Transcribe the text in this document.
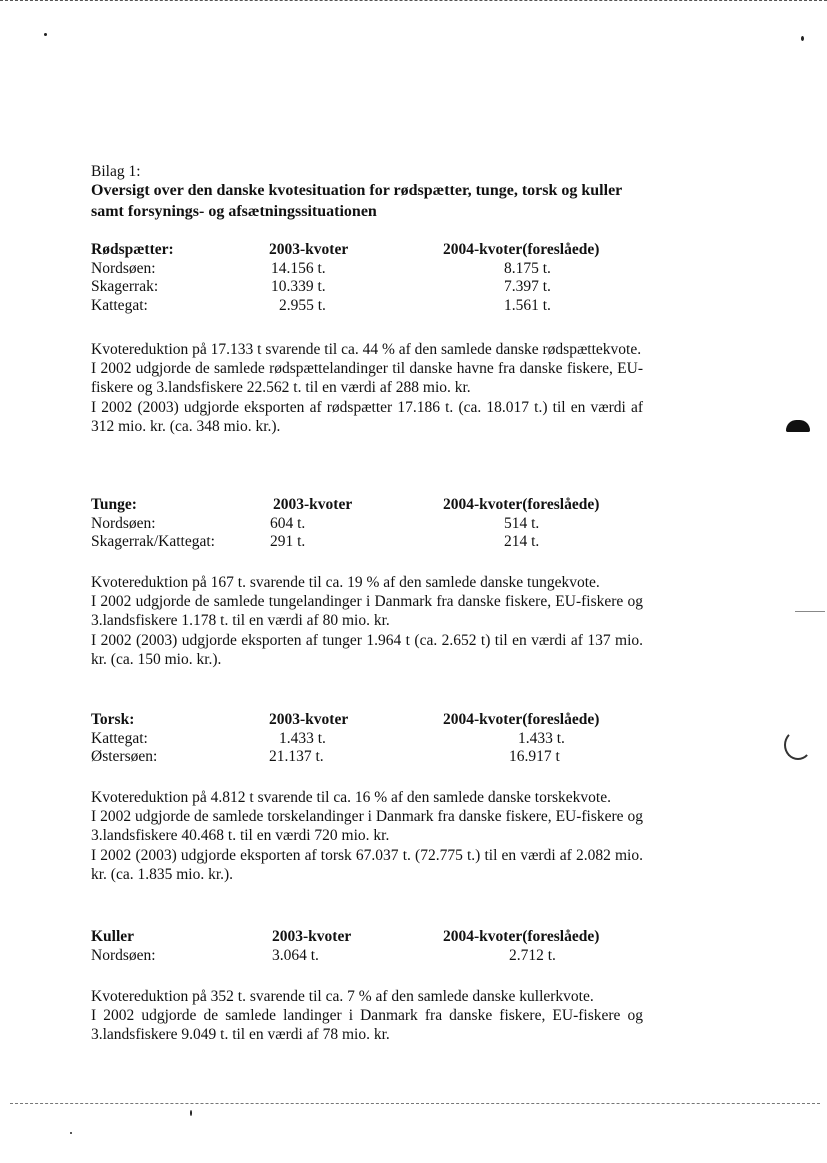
Bilag 1:
Oversigt over den danske kvotesituation for rødspætter, tunge, torsk og kuller samt forsynings- og afsætningssituationen
Rødspætter:	2003-kvoter	2004-kvoter(foreslåede)
Nordsøen:	14.156 t.	8.175 t.
Skagerrak:	10.339 t.	7.397 t.
Kattegat:	2.955 t.	1.561 t.

Kvotereduktion på 17.133 t svarende til ca. 44 % af den samlede danske rødspættekvote.

I 2002 udgjorde de samlede rødspættelandinger til danske havne fra danske fiskere, EU-fiskere og 3.landsfiskere 22.562 t. til en værdi af 288 mio. kr.

I 2002 (2003) udgjorde eksporten af rødspætter 17.186 t. (ca. 18.017 t.) til en værdi af 312 mio. kr. (ca. 348 mio. kr.).

Tunge:	2003-kvoter	2004-kvoter(foreslåede)
Nordsøen:	604 t.	514 t.
Skagerrak/Kattegat:	291 t.	214 t.

Kvotereduktion på 167 t. svarende til ca. 19 % af den samlede danske tungekvote.

I 2002 udgjorde de samlede tungelandinger i Danmark fra danske fiskere, EU-fiskere og 3.landsfiskere 1.178 t. til en værdi af 80 mio. kr.

I 2002 (2003) udgjorde eksporten af tunger 1.964 t (ca. 2.652 t) til en værdi af 137 mio. kr. (ca. 150 mio. kr.).

Torsk:	2003-kvoter	2004-kvoter(foreslåede)
Kattegat:	1.433 t.	1.433 t.
Østersøen:	21.137 t.	16.917 t

Kvotereduktion på 4.812 t svarende til ca. 16 % af den samlede danske torskekvote.

I 2002 udgjorde de samlede torskelandinger i Danmark fra danske fiskere, EU-fiskere og 3.landsfiskere 40.468 t. til en værdi 720 mio. kr.

I 2002 (2003) udgjorde eksporten af torsk 67.037 t. (72.775 t.) til en værdi af 2.082 mio. kr. (ca. 1.835 mio. kr.).

Kuller	2003-kvoter	2004-kvoter(foreslåede)
Nordsøen:	3.064 t.	2.712 t.

Kvotereduktion på 352 t. svarende til ca. 7 % af den samlede danske kullerkvote.

I 2002 udgjorde de samlede landinger i Danmark fra danske fiskere, EU-fiskere og 3.landsfiskere 9.049 t. til en værdi af 78 mio. kr.
